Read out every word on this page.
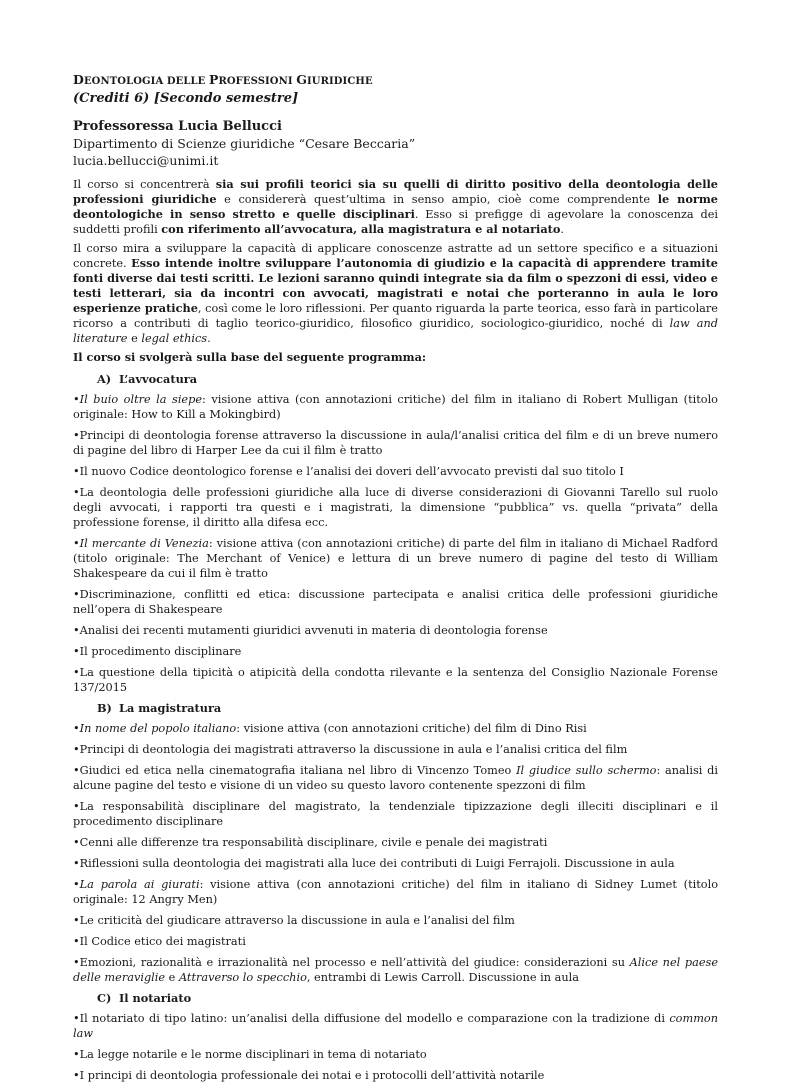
DEONTOLOGIA DELLE PROFESSIONI GIURIDICHE
(Crediti 6) [Secondo semestre]
Professoressa Lucia Bellucci
Dipartimento di Scienze giuridiche “Cesare Beccaria”
lucia.bellucci@unimi.it

Il corso si concentrerà sia sui profili teorici sia su quelli di diritto positivo della deontologia delle professioni giuridiche e considererà quest’ultima in senso ampio, cioè come comprendente le norme deontologiche in senso stretto e quelle disciplinari. Esso si prefigge di agevolare la conoscenza dei suddetti profili con riferimento all’avvocatura, alla magistratura e al notariato.

Il corso mira a sviluppare la capacità di applicare conoscenze astratte ad un settore specifico e a situazioni concrete. Esso intende inoltre sviluppare l’autonomia di giudizio e la capacità di apprendere tramite fonti diverse dai testi scritti. Le lezioni saranno quindi integrate sia da film o spezzoni di essi, video e testi letterari, sia da incontri con avvocati, magistrati e notai che porteranno in aula le loro esperienze pratiche, così come le loro riflessioni. Per quanto riguarda la parte teorica, esso farà in particolare ricorso a contributi di taglio teorico-giuridico, filosofico giuridico, sociologico-giuridico, noché di law and literature e legal ethics.

Il corso si svolgerà sulla base del seguente programma:
A) L’avvocatura
•Il buio oltre la siepe: visione attiva (con annotazioni critiche) del film in italiano di Robert Mulligan (titolo originale: How to Kill a Mokingbird)
•Principi di deontologia forense attraverso la discussione in aula/l’analisi critica del film e di un breve numero di pagine del libro di Harper Lee da cui il film è tratto
•Il nuovo Codice deontologico forense e l’analisi dei doveri dell’avvocato previsti dal suo titolo I
•La deontologia delle professioni giuridiche alla luce di diverse considerazioni di Giovanni Tarello sul ruolo degli avvocati, i rapporti tra questi e i magistrati, la dimensione “pubblica” vs. quella “privata” della professione forense, il diritto alla difesa ecc.
•Il mercante di Venezia: visione attiva (con annotazioni critiche) di parte del film in italiano di Michael Radford (titolo originale: The Merchant of Venice) e lettura di un breve numero di pagine del testo di William Shakespeare da cui il film è tratto
•Discriminazione, conflitti ed etica: discussione partecipata e analisi critica delle professioni giuridiche nell’opera di Shakespeare
•Analisi dei recenti mutamenti giuridici avvenuti in materia di deontologia forense
•Il procedimento disciplinare
•La questione della tipicità o atipicità della condotta rilevante e la sentenza del Consiglio Nazionale Forense 137/2015
B) La magistratura
•In nome del popolo italiano: visione attiva (con annotazioni critiche) del film di Dino Risi
•Principi di deontologia dei magistrati attraverso la discussione in aula e l’analisi critica del film
•Giudici ed etica nella cinematografia italiana nel libro di Vincenzo Tomeo Il giudice sullo schermo: analisi di alcune pagine del testo e visione di un video su questo lavoro contenente spezzoni di film
•La responsabilità disciplinare del magistrato, la tendenziale tipizzazione degli illeciti disciplinari e il procedimento disciplinare
•Cenni alle differenze tra responsabilità disciplinare, civile e penale dei magistrati
•Riflessioni sulla deontologia dei magistrati alla luce dei contributi di Luigi Ferrajoli. Discussione in aula
•La parola ai giurati: visione attiva (con annotazioni critiche) del film in italiano di Sidney Lumet (titolo originale: 12 Angry Men)
•Le criticità del giudicare attraverso la discussione in aula e l’analisi del film
•Il Codice etico dei magistrati
•Emozioni, razionalità e irrazionalità nel processo e nell’attività del giudice: considerazioni su Alice nel paese delle meraviglie e Attraverso lo specchio, entrambi di Lewis Carroll. Discussione in aula
C) Il notariato
•Il notariato di tipo latino: un’analisi della diffusione del modello e comparazione con la tradizione di common law
•La legge notarile e le norme disciplinari in tema di notariato
•I principi di deontologia professionale dei notai e i protocolli dell’attività notarile
